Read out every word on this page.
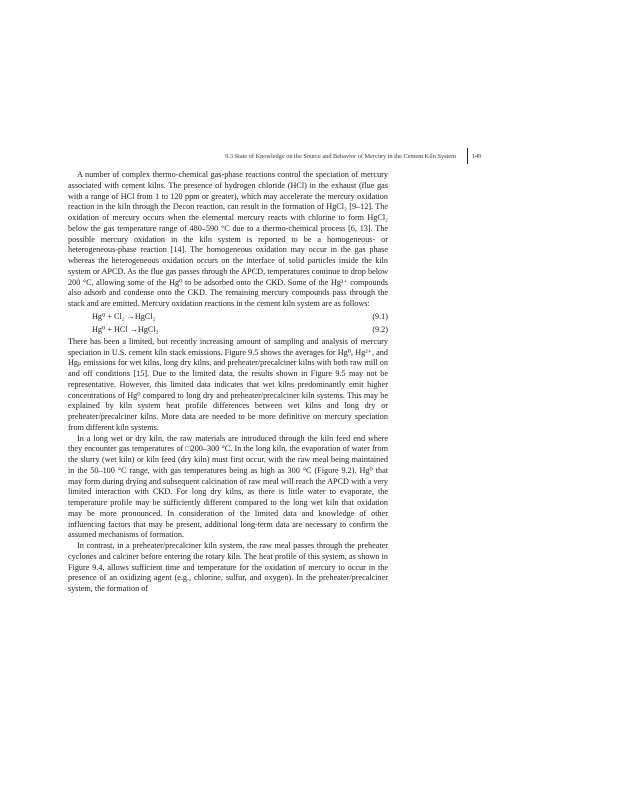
9.3 State of Knowledge on the Source and Behavior of Mercury in the Cement Kiln System	149

A number of complex thermo-chemical gas-phase reactions control the speciation of mercury associated with cement kilns. The presence of hydrogen chloride (HCl) in the exhaust (flue gas with a range of HCl from 1 to 120 ppm or greater), which may accelerate the mercury oxidation reaction in the kiln through the Decon reaction, can result in the formation of HgCl₂ [9–12]. The oxidation of mercury occurs when the elemental mercury reacts with chlorine to form HgCl₂ below the gas temperature range of 480–590 °C due to a thermo-chemical process [6, 13]. The possible mercury oxidation in the kiln system is reported to be a homogeneous- or heterogeneous-phase reaction [14]. The homogeneous oxidation may occur in the gas phase whereas the heterogeneous oxidation occurs on the interface of solid particles inside the kiln system or APCD. As the flue gas passes through the APCD, temperatures continue to drop below 200 °C, allowing some of the Hg⁰ to be adsorbed onto the CKD. Some of the Hg²⁺ compounds also adsorb and condense onto the CKD. The remaining mercury compounds pass through the stack and are emitted. Mercury oxidation reactions in the cement kiln system are as follows:

Hg⁰ + Cl₂ →HgCl₂	(9.1)
Hg⁰ + HCl →HgCl₂	(9.2)

There has been a limited, but recently increasing amount of sampling and analysis of mercury speciation in U.S. cement kiln stack emissions. Figure 9.5 shows the averages for Hg⁰, Hg²⁺, and Hgₚ emissions for wet kilns, long dry kilns, and preheater/precalciner kilns with both raw mill on and off conditions [15]. Due to the limited data, the results shown in Figure 9.5 may not be representative. However, this limited data indicates that wet kilns predominantly emit higher concentrations of Hg⁰ compared to long dry and preheater/precalciner kiln systems. This may be explained by kiln system heat profile differences between wet kilns and long dry or preheater/precalciner kilns. More data are needed to be more definitive on mercury speciation from different kiln systems.

In a long wet or dry kiln, the raw materials are introduced through the kiln feed end where they encounter gas temperatures of □200–300 °C. In the long kiln, the evaporation of water from the slurry (wet kiln) or kiln feed (dry kiln) must first occur, with the raw meal being maintained in the 50–100 °C range, with gas temperatures being as high as 300 °C (Figure 9.2). Hg⁰ that may form during drying and subsequent calcination of raw meal will reach the APCD with a very limited interaction with CKD. For long dry kilns, as there is little water to evaporate, the temperature profile may be sufficiently different compared to the long wet kiln that oxidation may be more pronounced. In consideration of the limited data and knowledge of other influencing factors that may be present, additional long-term data are necessary to confirm the assumed mechanisms of formation.

In contrast, in a preheater/precalciner kiln system, the raw meal passes through the preheater cyclones and calciner before entering the rotary kiln. The heat profile of this system, as shown in Figure 9.4, allows sufficient time and temperature for the oxidation of mercury to occur in the presence of an oxidizing agent (e.g., chlorine, sulfur, and oxygen). In the preheater/precalciner system, the formation of
